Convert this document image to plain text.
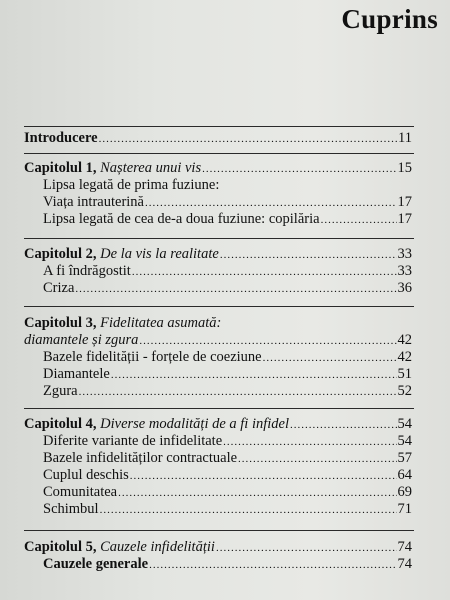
Cuprins
Introducere .....	11
Capitolul 1, Nașterea unui vis .....	15
Lipsa legată de prima fuziune:
Viața intrauterină .....	17
Lipsa legată de cea de-a doua fuziune: copilăria .....	17
Capitolul 2, De la vis la realitate .....	33
A fi îndrăgostit .....	33
Criza .....	36
Capitolul 3, Fidelitatea asumată:
diamantele și zgura .....	42
Bazele fidelității - forțele de coeziune .....	42
Diamantele .....	51
Zgura .....	52
Capitolul 4, Diverse modalități de a fi infidel .....	54
Diferite variante de infidelitate .....	54
Bazele infidelităților contractuale .....	57
Cuplul deschis .....	64
Comunitatea .....	69
Schimbul .....	71
Capitolul 5, Cauzele infidelității .....	74
Cauzele generale .....	74
